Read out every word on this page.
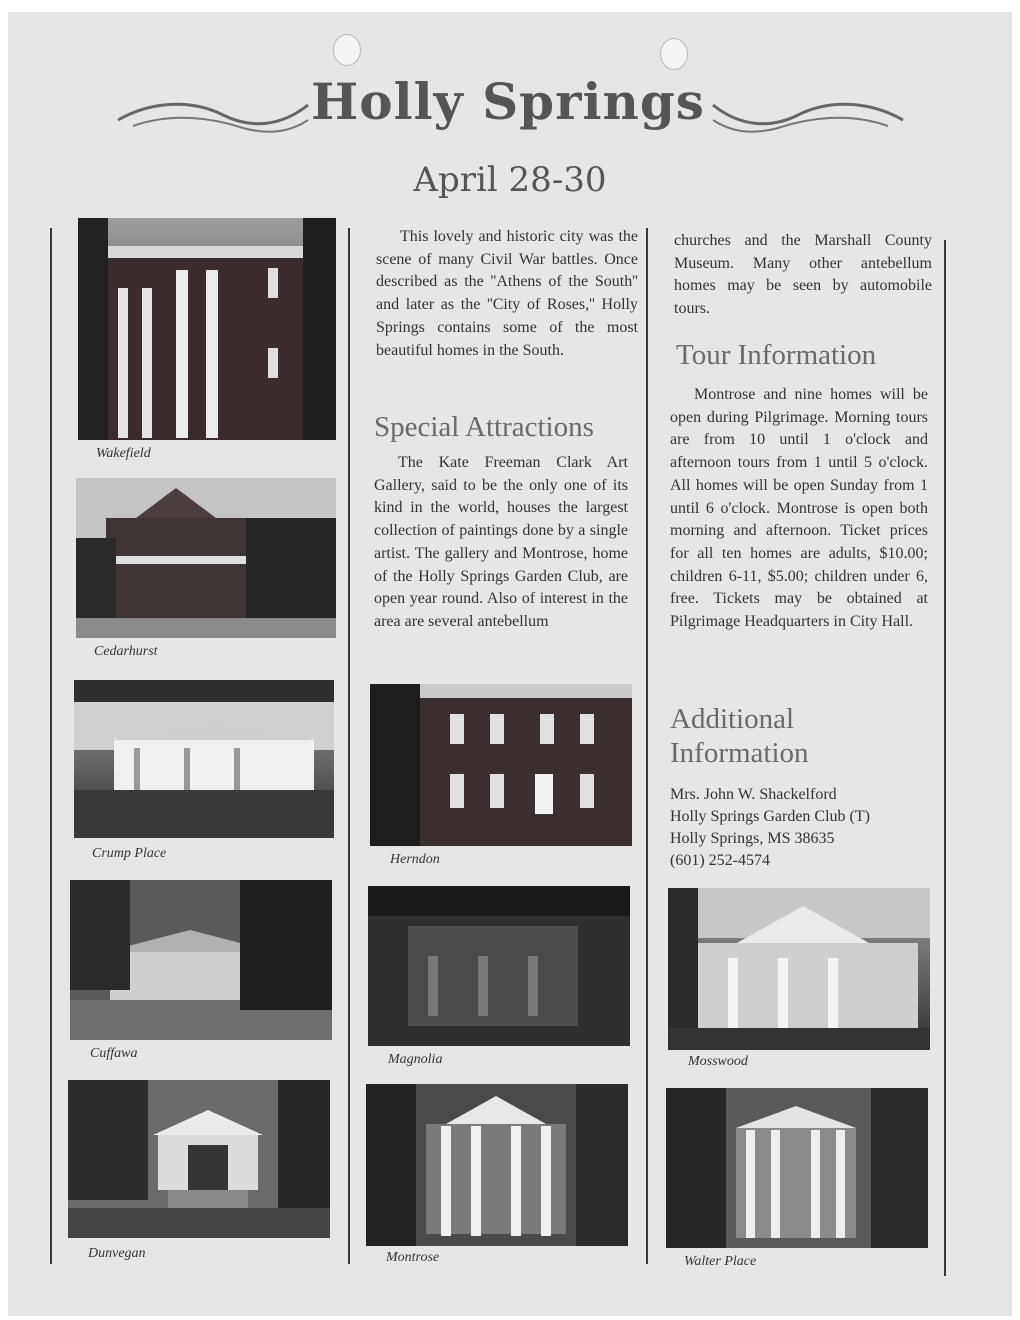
Holly Springs
April 28-30
Wakefield
Cedarhurst
Crump Place
Cuffawa
Dunvegan

This lovely and historic city was the scene of many Civil War battles. Once described as the ''Athens of the South'' and later as the ''City of Roses,'' Holly Springs contains some of the most beautiful homes in the South.

Special Attractions

The Kate Freeman Clark Art Gallery, said to be the only one of its kind in the world, houses the largest collection of paintings done by a single artist. The gallery and Montrose, home of the Holly Springs Garden Club, are open year round. Also of interest in the area are several antebellum

Herndon
Magnolia
Montrose

churches and the Marshall County Museum. Many other antebellum homes may be seen by automobile tours.

Tour Information

Montrose and nine homes will be open during Pilgrimage. Morning tours are from 10 until 1 o'clock and afternoon tours from 1 until 5 o'clock. All homes will be open Sunday from 1 until 6 o'clock. Montrose is open both morning and afternoon. Ticket prices for all ten homes are adults, $10.00; children 6-11, $5.00; children under 6, free. Tickets may be obtained at Pilgrimage Headquarters in City Hall.

Additional
Information
Mrs. John W. Shackelford
Holly Springs Garden Club (T)
Holly Springs, MS 38635
(601) 252-4574
Mosswood
Walter Place
